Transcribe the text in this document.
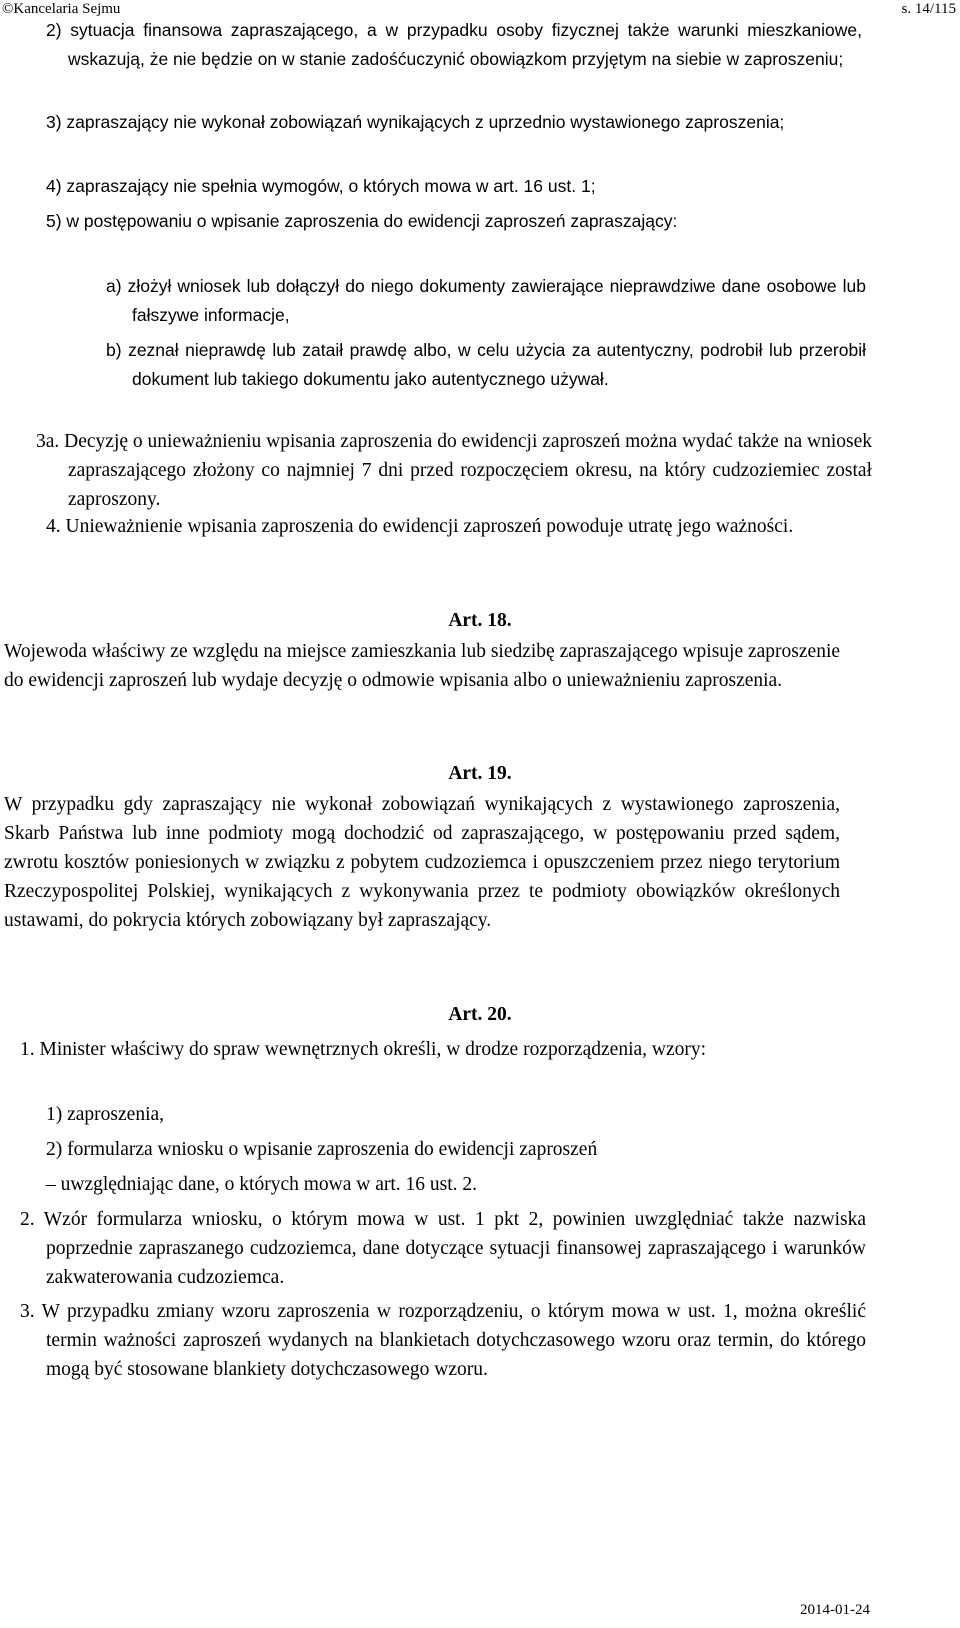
©Kancelaria Sejmu	s. 14/115

2) sytuacja finansowa zapraszającego, a w przypadku osoby fizycznej także warunki mieszkaniowe, wskazują, że nie będzie on w stanie zadośćuczynić obowiązkom przyjętym na siebie w zaproszeniu;

3) zapraszający nie wykonał zobowiązań wynikających z uprzednio wystawionego zaproszenia;

4) zapraszający nie spełnia wymogów, o których mowa w art. 16 ust. 1;

5) w postępowaniu o wpisanie zaproszenia do ewidencji zaproszeń zapraszający:

a) złożył wniosek lub dołączył do niego dokumenty zawierające nieprawdziwe dane osobowe lub fałszywe informacje,

b) zeznał nieprawdę lub zataił prawdę albo, w celu użycia za autentyczny, podrobił lub przerobił dokument lub takiego dokumentu jako autentycznego używał.

3a. Decyzję o unieważnieniu wpisania zaproszenia do ewidencji zaproszeń można wydać także na wniosek zapraszającego złożony co najmniej 7 dni przed rozpoczęciem okresu, na który cudzoziemiec został zaproszony.

4. Unieważnienie wpisania zaproszenia do ewidencji zaproszeń powoduje utratę jego ważności.

Art. 18.

Wojewoda właściwy ze względu na miejsce zamieszkania lub siedzibę zapraszającego wpisuje zaproszenie do ewidencji zaproszeń lub wydaje decyzję o odmowie wpisania albo o unieważnieniu zaproszenia.

Art. 19.

W przypadku gdy zapraszający nie wykonał zobowiązań wynikających z wystawionego zaproszenia, Skarb Państwa lub inne podmioty mogą dochodzić od zapraszającego, w postępowaniu przed sądem, zwrotu kosztów poniesionych w związku z pobytem cudzoziemca i opuszczeniem przez niego terytorium Rzeczypospolitej Polskiej, wynikających z wykonywania przez te podmioty obowiązków określonych ustawami, do pokrycia których zobowiązany był zapraszający.

Art. 20.

1. Minister właściwy do spraw wewnętrznych określi, w drodze rozporządzenia, wzory:

1) zaproszenia,

2) formularza wniosku o wpisanie zaproszenia do ewidencji zaproszeń

– uwzględniając dane, o których mowa w art. 16 ust. 2.

2. Wzór formularza wniosku, o którym mowa w ust. 1 pkt 2, powinien uwzględniać także nazwiska poprzednie zapraszanego cudzoziemca, dane dotyczące sytuacji finansowej zapraszającego i warunków zakwaterowania cudzoziemca.

3. W przypadku zmiany wzoru zaproszenia w rozporządzeniu, o którym mowa w ust. 1, można określić termin ważności zaproszeń wydanych na blankietach dotychczasowego wzoru oraz termin, do którego mogą być stosowane blankiety dotychczasowego wzoru.

2014-01-24
